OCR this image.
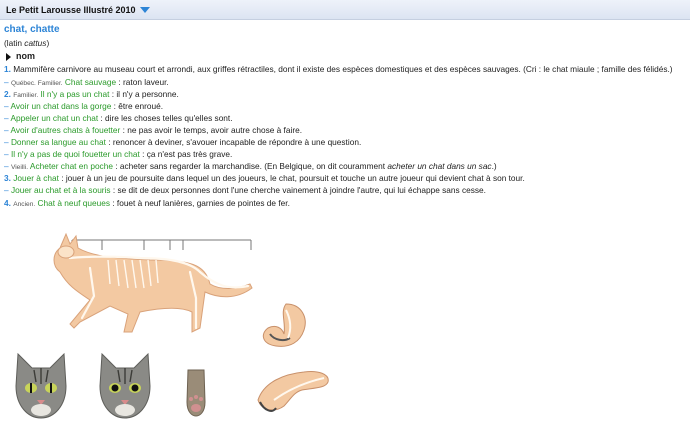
Le Petit Larousse Illustré 2010
chat, chatte
(latin cattus)
nom
1. Mammifère carnivore au museau court et arrondi, aux griffes rétractiles, dont il existe des espèces domestiques et des espèces sauvages. (Cri : le chat miaule ; famille des félidés.)
– Québec. Familier. Chat sauvage : raton laveur.
2. Familier. Il n'y a pas un chat : il n'y a personne.
– Avoir un chat dans la gorge : être enroué.
– Appeler un chat un chat : dire les choses telles qu'elles sont.
– Avoir d'autres chats à fouetter : ne pas avoir le temps, avoir autre chose à faire.
– Donner sa langue au chat : renoncer à deviner, s'avouer incapable de répondre à une question.
– Il n'y a pas de quoi fouetter un chat : ça n'est pas très grave.
– Vieilli. Acheter chat en poche : acheter sans regarder la marchandise. (En Belgique, on dit couramment acheter un chat dans un sac.)
3. Jouer à chat : jouer à un jeu de poursuite dans lequel un des joueurs, le chat, poursuit et touche un autre joueur qui devient chat à son tour.
– Jouer au chat et à la souris : se dit de deux personnes dont l'une cherche vainement à joindre l'autre, qui lui échappe sans cesse.
4. Ancien. Chat à neuf queues : fouet à neuf lanières, garnies de pointes de fer.
